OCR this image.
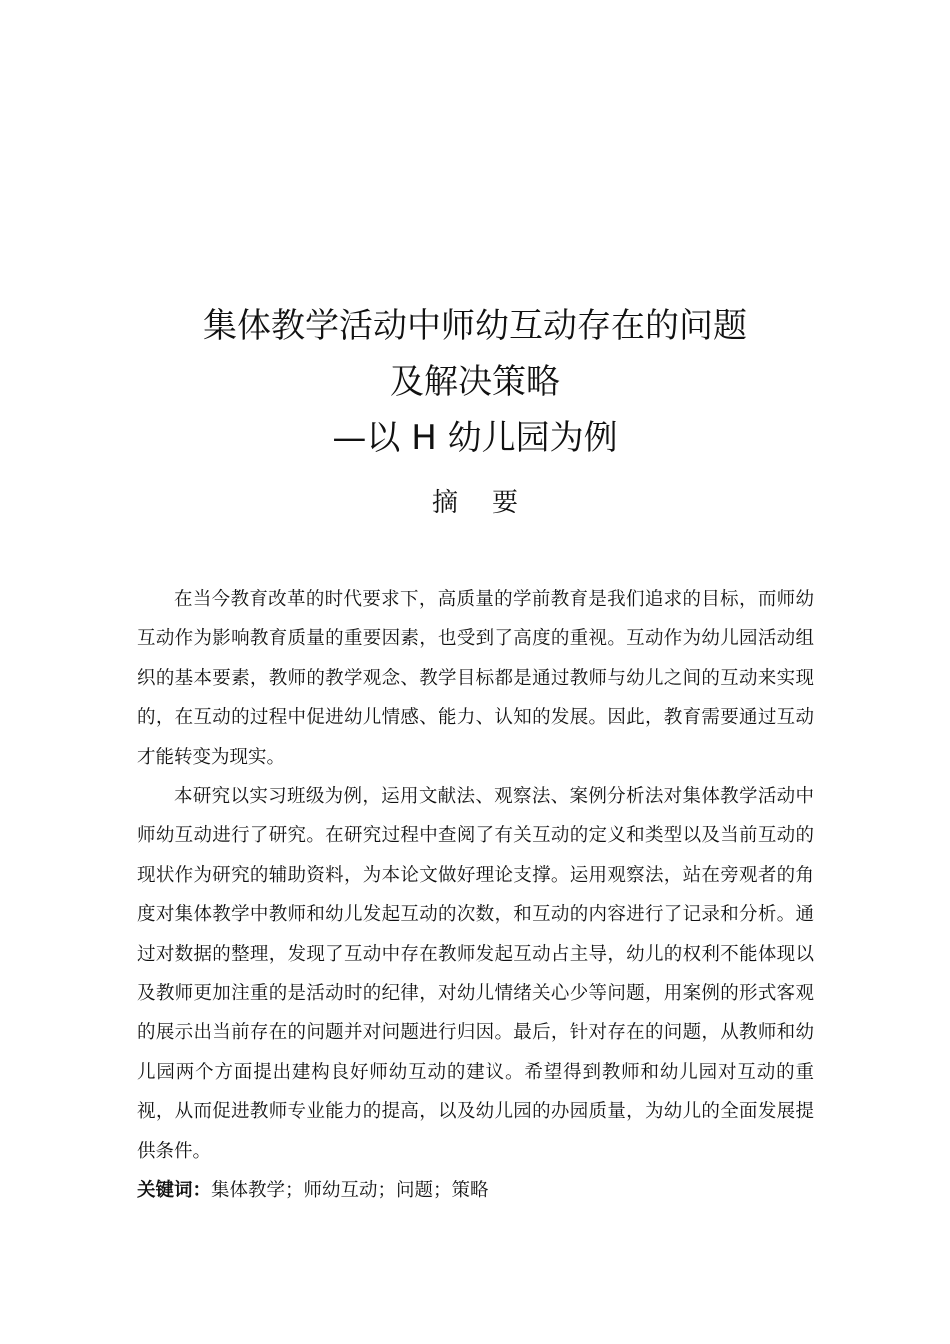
集体教学活动中师幼互动存在的问题
及解决策略
—以 H 幼儿园为例
摘要

在当今教育改革的时代要求下，高质量的学前教育是我们追求的目标，而师幼互动作为影响教育质量的重要因素，也受到了高度的重视。互动作为幼儿园活动组织的基本要素，教师的教学观念、教学目标都是通过教师与幼儿之间的互动来实现的，在互动的过程中促进幼儿情感、能力、认知的发展。因此，教育需要通过互动才能转变为现实。

本研究以实习班级为例，运用文献法、观察法、案例分析法对集体教学活动中师幼互动进行了研究。在研究过程中查阅了有关互动的定义和类型以及当前互动的现状作为研究的辅助资料，为本论文做好理论支撑。运用观察法，站在旁观者的角度对集体教学中教师和幼儿发起互动的次数，和互动的内容进行了记录和分析。通过对数据的整理，发现了互动中存在教师发起互动占主导，幼儿的权利不能体现以及教师更加注重的是活动时的纪律，对幼儿情绪关心少等问题，用案例的形式客观的展示出当前存在的问题并对问题进行归因。最后，针对存在的问题，从教师和幼儿园两个方面提出建构良好师幼互动的建议。希望得到教师和幼儿园对互动的重视，从而促进教师专业能力的提高，以及幼儿园的办园质量，为幼儿的全面发展提供条件。

关键词：集体教学；师幼互动；问题；策略
